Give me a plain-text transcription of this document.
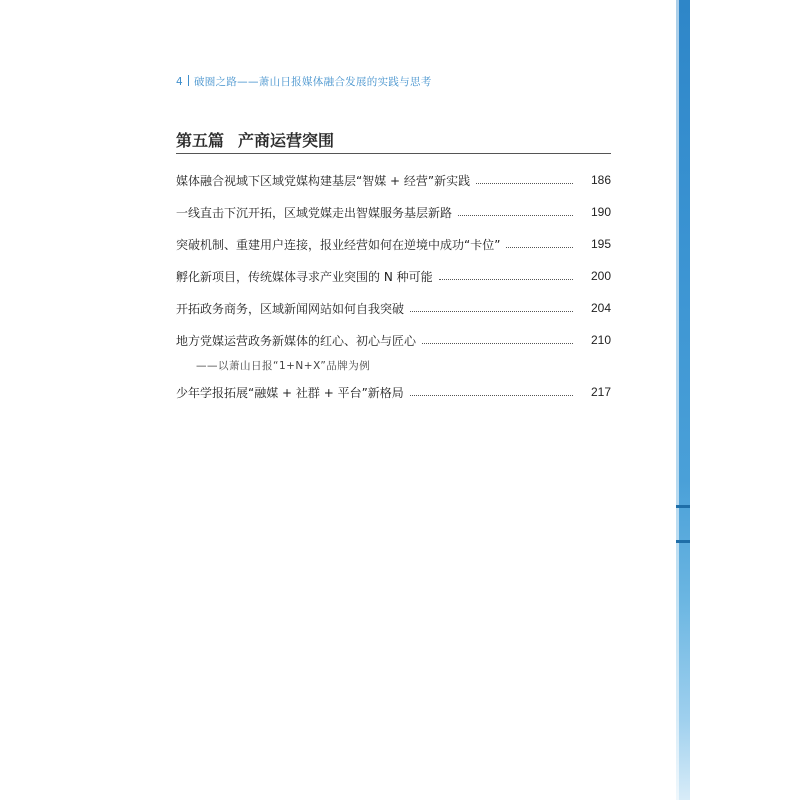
4 破圈之路——萧山日报媒体融合发展的实践与思考
第五篇 产商运营突围
媒体融合视域下区域党媒构建基层“智媒 + 经营”新实践	186
一线直击下沉开拓，区域党媒走出智媒服务基层新路	190
突破机制、重建用户连接，报业经营如何在逆境中成功“卡位”	195
孵化新项目，传统媒体寻求产业突围的 N 种可能	200
开拓政务商务，区域新闻网站如何自我突破	204
地方党媒运营政务新媒体的红心、初心与匠心	210
——以萧山日报“1+N+X”品牌为例
少年学报拓展“融媒 + 社群 + 平台”新格局	217
